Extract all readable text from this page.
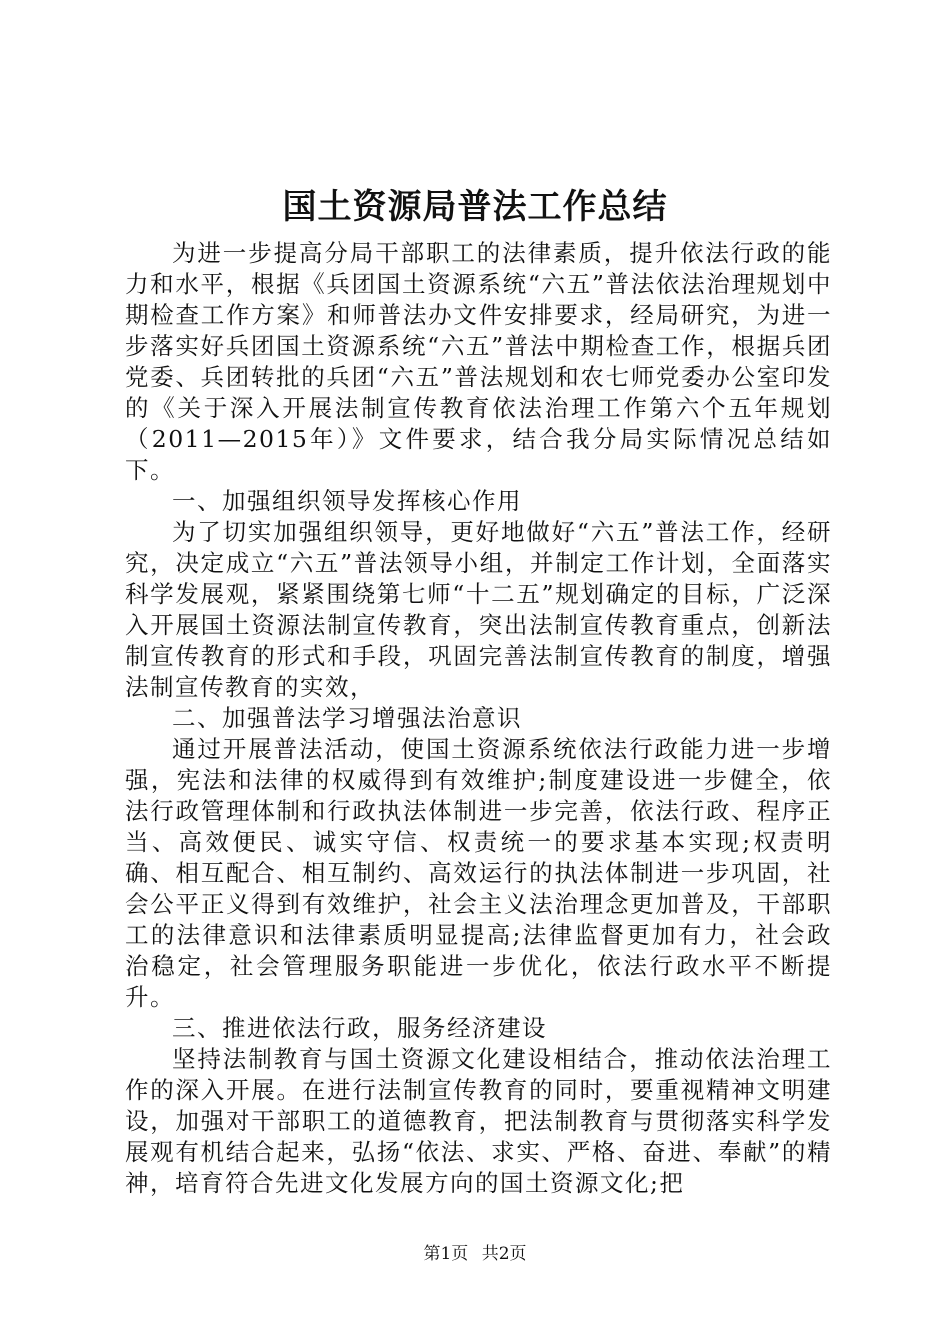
国土资源局普法工作总结

为进一步提高分局干部职工的法律素质，提升依法行政的能力和水平，根据《兵团国土资源系统“六五”普法依法治理规划中期检查工作方案》和师普法办文件安排要求，经局研究，为进一步落实好兵团国土资源系统“六五”普法中期检查工作，根据兵团党委、兵团转批的兵团“六五”普法规划和农七师党委办公室印发的《关于深入开展法制宣传教育依法治理工作第六个五年规划（2011—2015年）》文件要求，结合我分局实际情况总结如下。

一、加强组织领导发挥核心作用

为了切实加强组织领导，更好地做好“六五”普法工作，经研究，决定成立“六五”普法领导小组，并制定工作计划，全面落实科学发展观，紧紧围绕第七师“十二五”规划确定的目标，广泛深入开展国土资源法制宣传教育，突出法制宣传教育重点，创新法制宣传教育的形式和手段，巩固完善法制宣传教育的制度，增强法制宣传教育的实效，

二、加强普法学习增强法治意识

通过开展普法活动，使国土资源系统依法行政能力进一步增强，宪法和法律的权威得到有效维护;制度建设进一步健全，依法行政管理体制和行政执法体制进一步完善，依法行政、程序正当、高效便民、诚实守信、权责统一的要求基本实现;权责明确、相互配合、相互制约、高效运行的执法体制进一步巩固，社会公平正义得到有效维护，社会主义法治理念更加普及，干部职工的法律意识和法律素质明显提高;法律监督更加有力，社会政治稳定，社会管理服务职能进一步优化，依法行政水平不断提升。

三、推进依法行政，服务经济建设

坚持法制教育与国土资源文化建设相结合，推动依法治理工作的深入开展。在进行法制宣传教育的同时，要重视精神文明建设，加强对干部职工的道德教育，把法制教育与贯彻落实科学发展观有机结合起来，弘扬“依法、求实、严格、奋进、奉献”的精神，培育符合先进文化发展方向的国土资源文化;把

第1页 共2页
